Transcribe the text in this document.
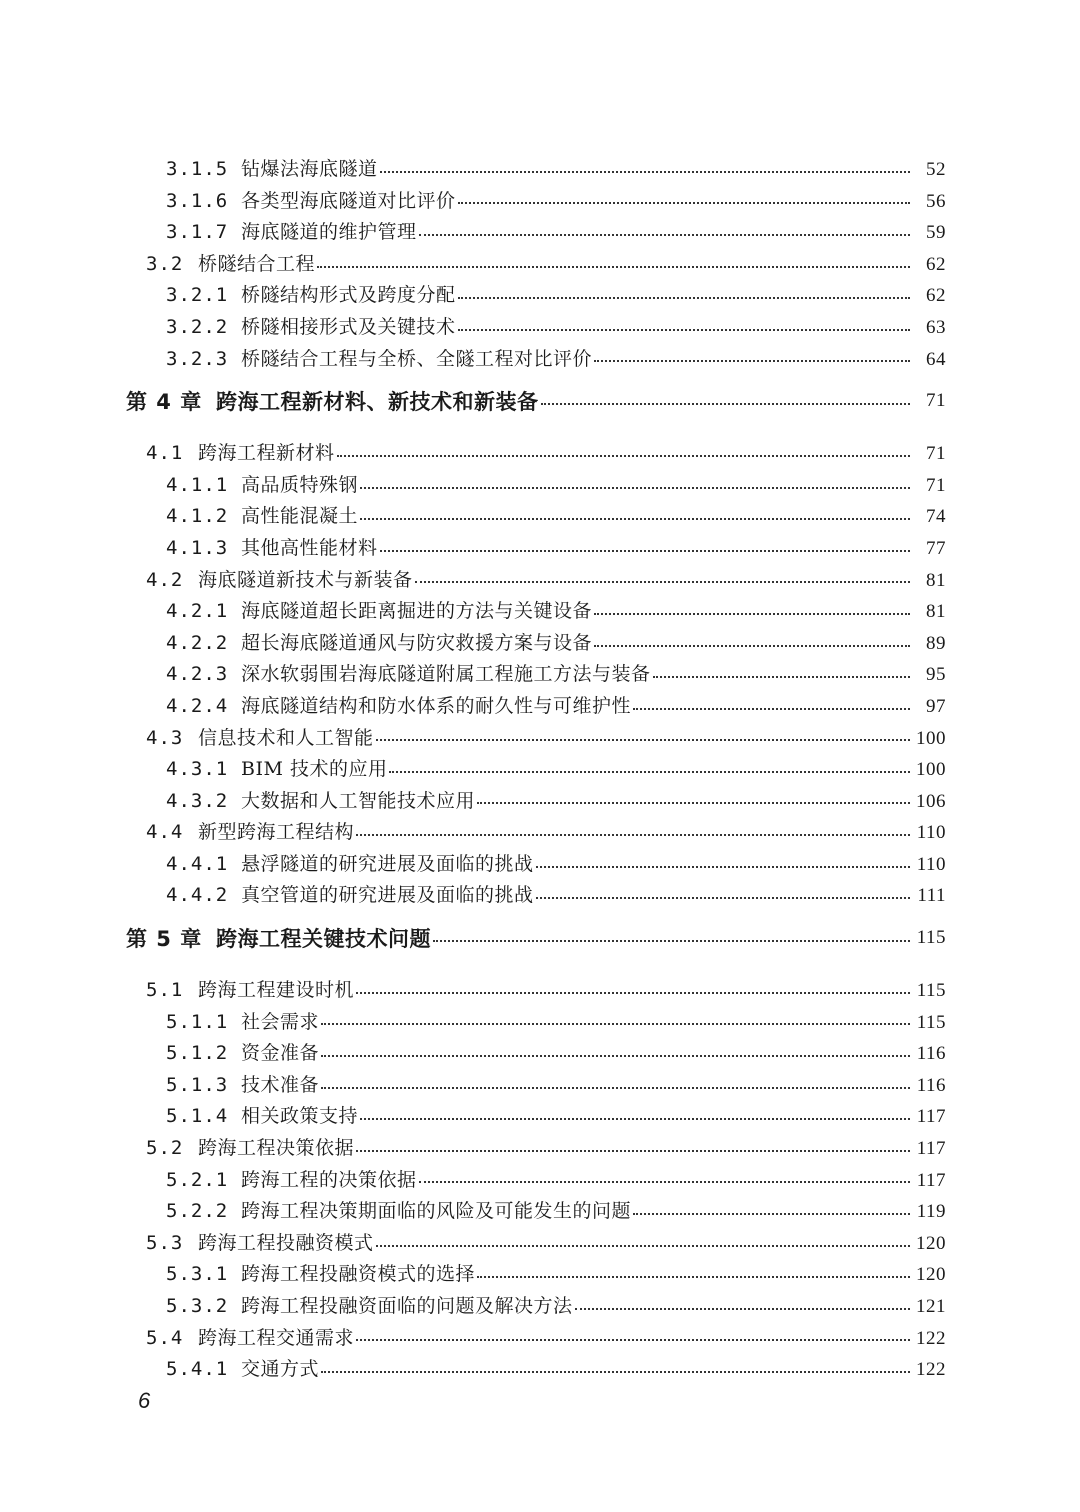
3.1.5 钻爆法海底隧道	52
3.1.6 各类型海底隧道对比评价	56
3.1.7 海底隧道的维护管理	59
3.2 桥隧结合工程	62
3.2.1 桥隧结构形式及跨度分配	62
3.2.2 桥隧相接形式及关键技术	63
3.2.3 桥隧结合工程与全桥、全隧工程对比评价	64
第 4 章 跨海工程新材料、新技术和新装备	71
4.1 跨海工程新材料	71
4.1.1 高品质特殊钢	71
4.1.2 高性能混凝土	74
4.1.3 其他高性能材料	77
4.2 海底隧道新技术与新装备	81
4.2.1 海底隧道超长距离掘进的方法与关键设备	81
4.2.2 超长海底隧道通风与防灾救援方案与设备	89
4.2.3 深水软弱围岩海底隧道附属工程施工方法与装备	95
4.2.4 海底隧道结构和防水体系的耐久性与可维护性	97
4.3 信息技术和人工智能	100
4.3.1 BIM 技术的应用	100
4.3.2 大数据和人工智能技术应用	106
4.4 新型跨海工程结构	110
4.4.1 悬浮隧道的研究进展及面临的挑战	110
4.4.2 真空管道的研究进展及面临的挑战	111
第 5 章 跨海工程关键技术问题	115
5.1 跨海工程建设时机	115
5.1.1 社会需求	115
5.1.2 资金准备	116
5.1.3 技术准备	116
5.1.4 相关政策支持	117
5.2 跨海工程决策依据	117
5.2.1 跨海工程的决策依据	117
5.2.2 跨海工程决策期面临的风险及可能发生的问题	119
5.3 跨海工程投融资模式	120
5.3.1 跨海工程投融资模式的选择	120
5.3.2 跨海工程投融资面临的问题及解决方法	121
5.4 跨海工程交通需求	122
5.4.1 交通方式	122
6
